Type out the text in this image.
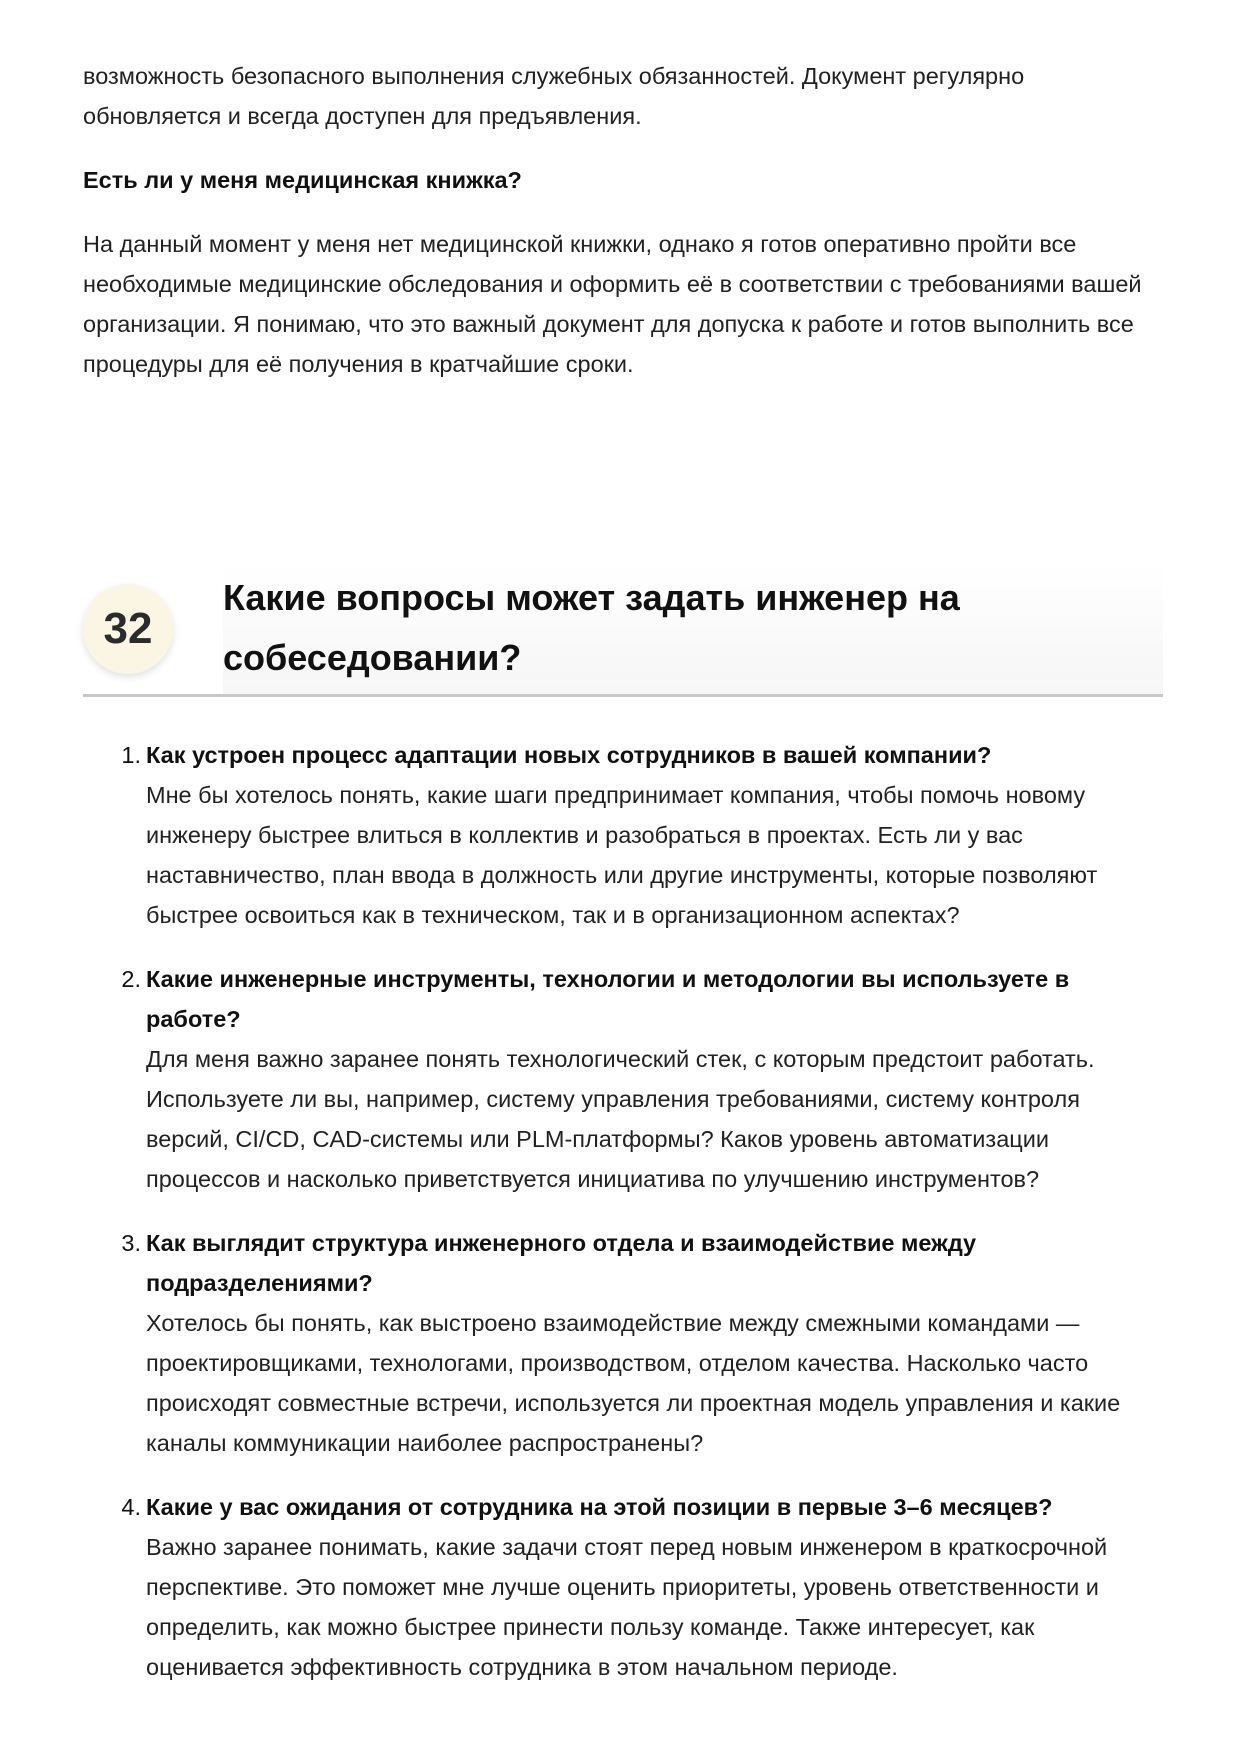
возможность безопасного выполнения служебных обязанностей. Документ регулярно обновляется и всегда доступен для предъявления.

Есть ли у меня медицинская книжка?

На данный момент у меня нет медицинской книжки, однако я готов оперативно пройти все необходимые медицинские обследования и оформить её в соответствии с требованиями вашей организации. Я понимаю, что это важный документ для допуска к работе и готов выполнить все процедуры для её получения в кратчайшие сроки.

32
Какие вопросы может задать инженер на собеседовании?
1. Как устроен процесс адаптации новых сотрудников в вашей компании?
Мне бы хотелось понять, какие шаги предпринимает компания, чтобы помочь новому инженеру быстрее влиться в коллектив и разобраться в проектах. Есть ли у вас наставничество, план ввода в должность или другие инструменты, которые позволяют быстрее освоиться как в техническом, так и в организационном аспектах?
2. Какие инженерные инструменты, технологии и методологии вы используете в работе?
Для меня важно заранее понять технологический стек, с которым предстоит работать. Используете ли вы, например, систему управления требованиями, систему контроля версий, CI/CD, CAD-системы или PLM-платформы? Каков уровень автоматизации процессов и насколько приветствуется инициатива по улучшению инструментов?
3. Как выглядит структура инженерного отдела и взаимодействие между подразделениями?
Хотелось бы понять, как выстроено взаимодействие между смежными командами — проектировщиками, технологами, производством, отделом качества. Насколько часто происходят совместные встречи, используется ли проектная модель управления и какие каналы коммуникации наиболее распространены?
4. Какие у вас ожидания от сотрудника на этой позиции в первые 3–6 месяцев?
Важно заранее понимать, какие задачи стоят перед новым инженером в краткосрочной перспективе. Это поможет мне лучше оценить приоритеты, уровень ответственности и определить, как можно быстрее принести пользу команде. Также интересует, как оценивается эффективность сотрудника в этом начальном периоде.
